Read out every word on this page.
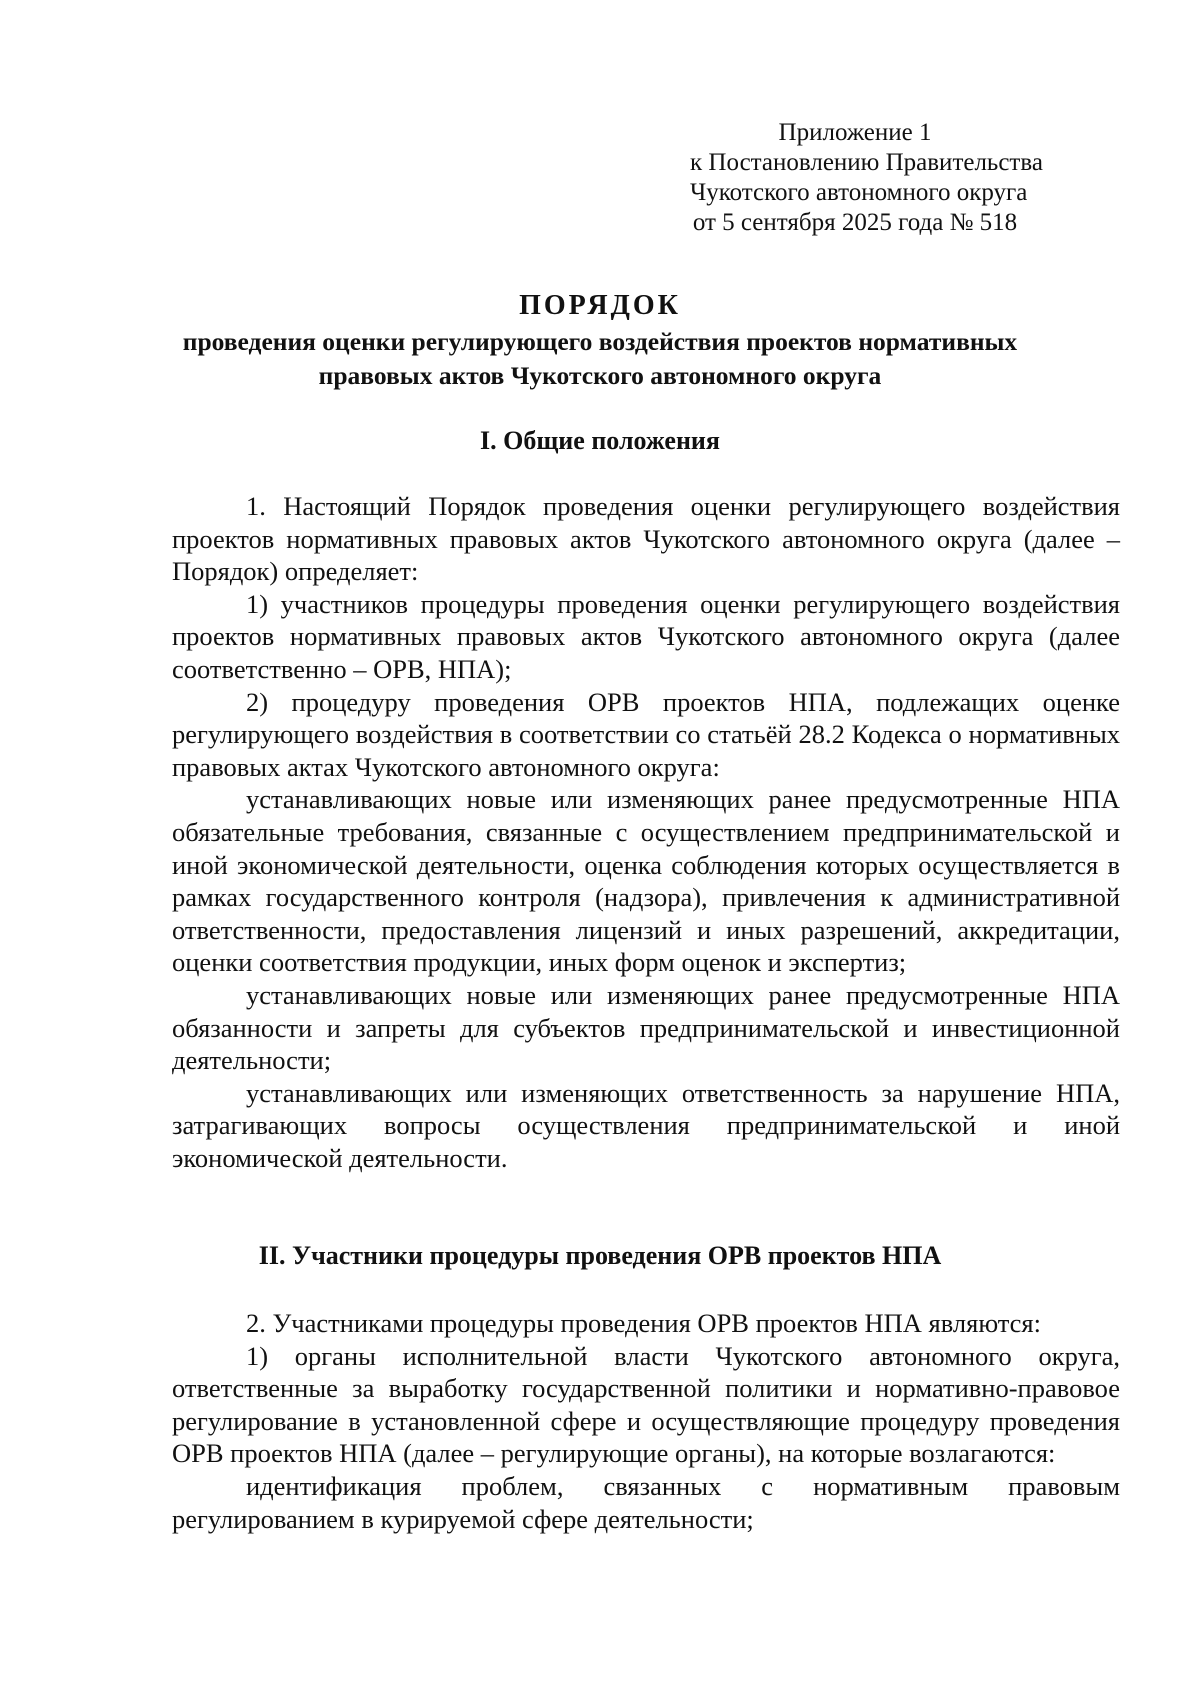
Приложение 1
к Постановлению Правительства
Чукотского автономного округа
от 5 сентября 2025 года № 518
ПОРЯДОК
проведения оценки регулирующего воздействия проектов нормативных
правовых актов Чукотского автономного округа
I. Общие положения

1. Настоящий Порядок проведения оценки регулирующего воздействия проектов нормативных правовых актов Чукотского автономного округа (далее – Порядок) определяет:

1) участников процедуры проведения оценки регулирующего воздействия проектов нормативных правовых актов Чукотского автономного округа (далее соответственно – ОРВ, НПА);

2) процедуру проведения ОРВ проектов НПА, подлежащих оценке регулирующего воздействия в соответствии со статьёй 28.2 Кодекса о нормативных правовых актах Чукотского автономного округа:

устанавливающих новые или изменяющих ранее предусмотренные НПА обязательные требования, связанные с осуществлением предпринимательской и иной экономической деятельности, оценка соблюдения которых осуществляется в рамках государственного контроля (надзора), привлечения к административной ответственности, предоставления лицензий и иных разрешений, аккредитации, оценки соответствия продукции, иных форм оценок и экспертиз;

устанавливающих новые или изменяющих ранее предусмотренные НПА обязанности и запреты для субъектов предпринимательской и инвестиционной деятельности;

устанавливающих или изменяющих ответственность за нарушение НПА, затрагивающих вопросы осуществления предпринимательской и иной экономической деятельности.

II. Участники процедуры проведения ОРВ проектов НПА

2. Участниками процедуры проведения ОРВ проектов НПА являются:

1) органы исполнительной власти Чукотского автономного округа, ответственные за выработку государственной политики и нормативно-правовое регулирование в установленной сфере и осуществляющие процедуру проведения ОРВ проектов НПА (далее – регулирующие органы), на которые возлагаются:

идентификация проблем, связанных с нормативным правовым регулированием в курируемой сфере деятельности;
